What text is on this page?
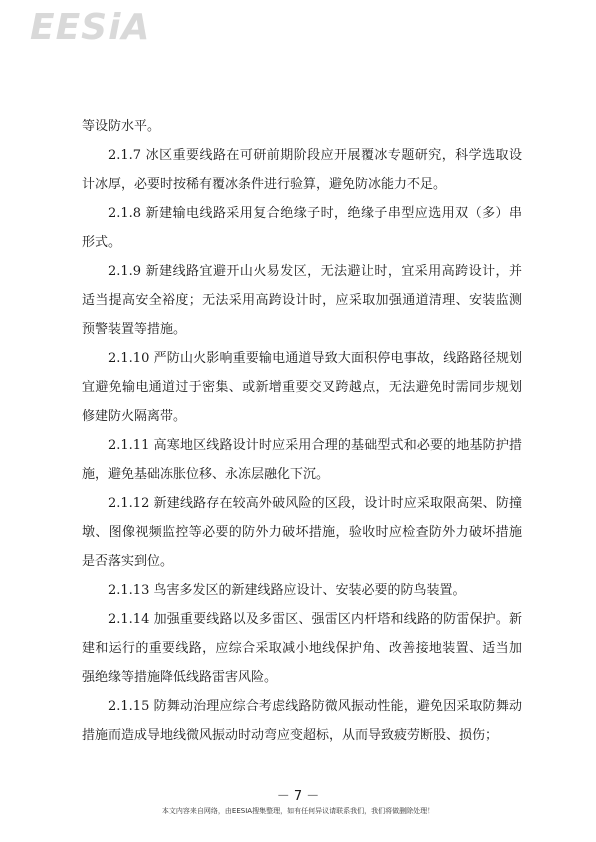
EESiA

等设防水平。

2.1.7 冰区重要线路在可研前期阶段应开展覆冰专题研究，科学选取设计冰厚，必要时按稀有覆冰条件进行验算，避免防冰能力不足。

2.1.8 新建输电线路采用复合绝缘子时，绝缘子串型应选用双（多）串形式。

2.1.9 新建线路宜避开山火易发区，无法避让时，宜采用高跨设计，并适当提高安全裕度；无法采用高跨设计时，应采取加强通道清理、安装监测预警装置等措施。

2.1.10 严防山火影响重要输电通道导致大面积停电事故，线路路径规划宜避免输电通道过于密集、或新增重要交叉跨越点，无法避免时需同步规划修建防火隔离带。

2.1.11 高寒地区线路设计时应采用合理的基础型式和必要的地基防护措施，避免基础冻胀位移、永冻层融化下沉。

2.1.12 新建线路存在较高外破风险的区段，设计时应采取限高架、防撞墩、图像视频监控等必要的防外力破坏措施，验收时应检查防外力破坏措施是否落实到位。

2.1.13 鸟害多发区的新建线路应设计、安装必要的防鸟装置。

2.1.14 加强重要线路以及多雷区、强雷区内杆塔和线路的防雷保护。新建和运行的重要线路，应综合采取减小地线保护角、改善接地装置、适当加强绝缘等措施降低线路雷害风险。

2.1.15 防舞动治理应综合考虑线路防微风振动性能，避免因采取防舞动措施而造成导地线微风振动时动弯应变超标，从而导致疲劳断股、损伤；

－ 7 －
本文内容来自网络，由EESIA搜集整理，如有任何异议请联系我们，我们将做删除处理！
